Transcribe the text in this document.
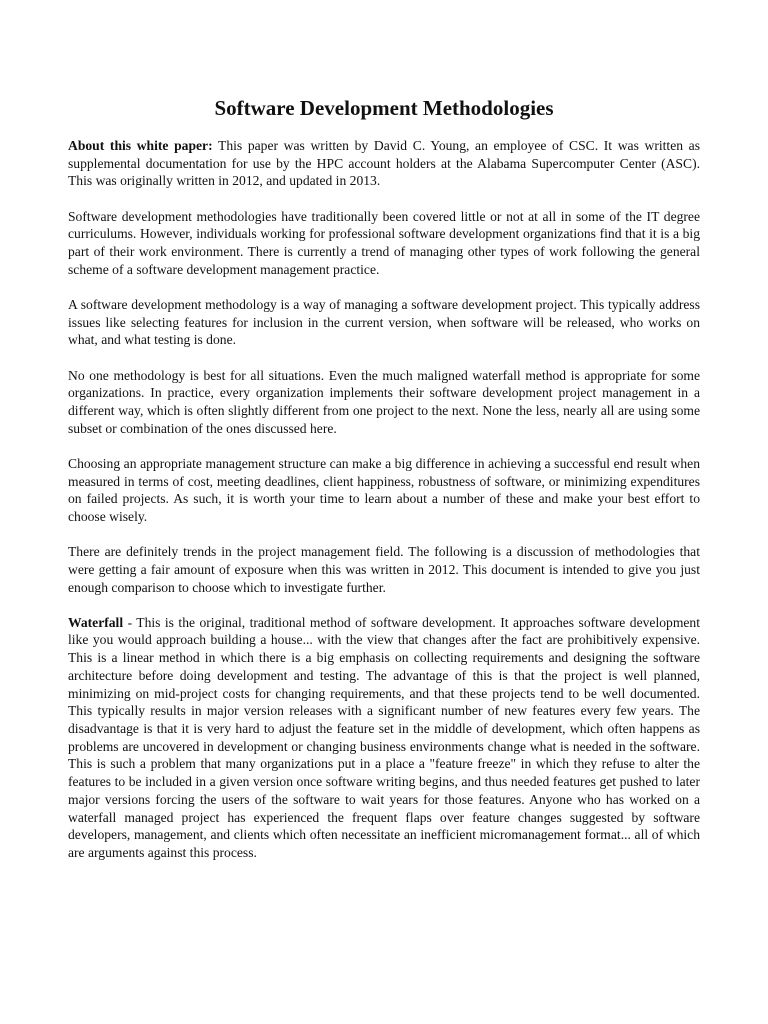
Software Development Methodologies

About this white paper: This paper was written by David C. Young, an employee of CSC. It was written as supplemental documentation for use by the HPC account holders at the Alabama Supercomputer Center (ASC). This was originally written in 2012, and updated in 2013.

Software development methodologies have traditionally been covered little or not at all in some of the IT degree curriculums. However, individuals working for professional software development organizations find that it is a big part of their work environment. There is currently a trend of managing other types of work following the general scheme of a software development management practice.

A software development methodology is a way of managing a software development project. This typically address issues like selecting features for inclusion in the current version, when software will be released, who works on what, and what testing is done.

No one methodology is best for all situations. Even the much maligned waterfall method is appropriate for some organizations. In practice, every organization implements their software development project management in a different way, which is often slightly different from one project to the next. None the less, nearly all are using some subset or combination of the ones discussed here.

Choosing an appropriate management structure can make a big difference in achieving a successful end result when measured in terms of cost, meeting deadlines, client happiness, robustness of software, or minimizing expenditures on failed projects. As such, it is worth your time to learn about a number of these and make your best effort to choose wisely.

There are definitely trends in the project management field. The following is a discussion of methodologies that were getting a fair amount of exposure when this was written in 2012. This document is intended to give you just enough comparison to choose which to investigate further.

Waterfall - This is the original, traditional method of software development. It approaches software development like you would approach building a house... with the view that changes after the fact are prohibitively expensive. This is a linear method in which there is a big emphasis on collecting requirements and designing the software architecture before doing development and testing. The advantage of this is that the project is well planned, minimizing on mid-project costs for changing requirements, and that these projects tend to be well documented. This typically results in major version releases with a significant number of new features every few years. The disadvantage is that it is very hard to adjust the feature set in the middle of development, which often happens as problems are uncovered in development or changing business environments change what is needed in the software. This is such a problem that many organizations put in a place a "feature freeze" in which they refuse to alter the features to be included in a given version once software writing begins, and thus needed features get pushed to later major versions forcing the users of the software to wait years for those features. Anyone who has worked on a waterfall managed project has experienced the frequent flaps over feature changes suggested by software developers, management, and clients which often necessitate an inefficient micromanagement format... all of which are arguments against this process.
